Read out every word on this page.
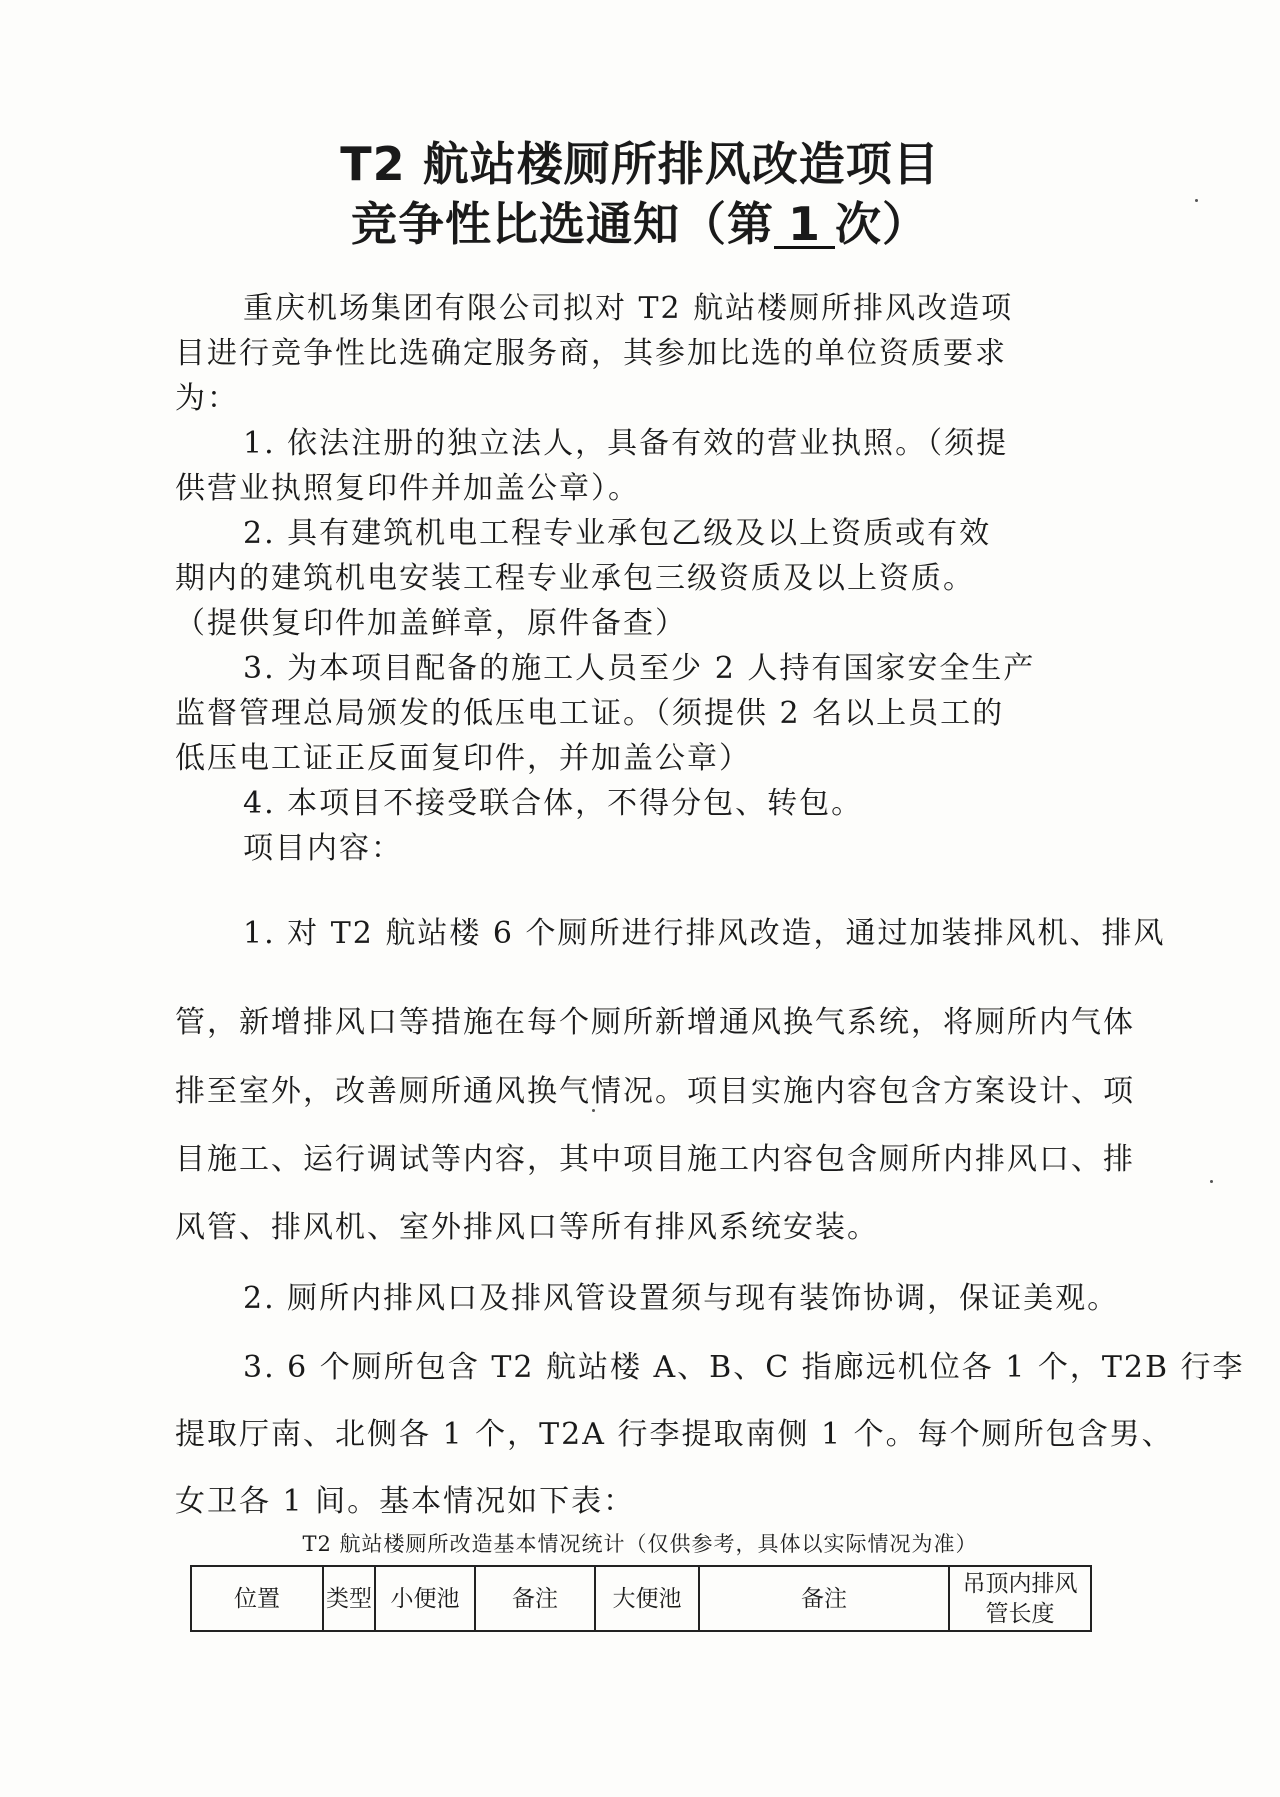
T2 航站楼厕所排风改造项目
竞争性比选通知（第 1 次）
重庆机场集团有限公司拟对 T2 航站楼厕所排风改造项
目进行竞争性比选确定服务商，其参加比选的单位资质要求
为：
1. 依法注册的独立法人，具备有效的营业执照。（须提
供营业执照复印件并加盖公章）。
2. 具有建筑机电工程专业承包乙级及以上资质或有效
期内的建筑机电安装工程专业承包三级资质及以上资质。
（提供复印件加盖鲜章，原件备查）
3. 为本项目配备的施工人员至少 2 人持有国家安全生产
监督管理总局颁发的低压电工证。（须提供 2 名以上员工的
低压电工证正反面复印件，并加盖公章）
4. 本项目不接受联合体，不得分包、转包。
项目内容：
1. 对 T2 航站楼 6 个厕所进行排风改造，通过加装排风机、排风
管，新增排风口等措施在每个厕所新增通风换气系统，将厕所内气体
排至室外，改善厕所通风换气情况。项目实施内容包含方案设计、项
目施工、运行调试等内容，其中项目施工内容包含厕所内排风口、排
风管、排风机、室外排风口等所有排风系统安装。
2. 厕所内排风口及排风管设置须与现有装饰协调，保证美观。
3. 6 个厕所包含 T2 航站楼 A、B、C 指廊远机位各 1 个，T2B 行李
提取厅南、北侧各 1 个，T2A 行李提取南侧 1 个。每个厕所包含男、
女卫各 1 间。基本情况如下表：
T2 航站楼厕所改造基本情况统计（仅供参考，具体以实际情况为准）
位置	类型	小便池	备注	大便池	备注	吊顶内排风管长度
